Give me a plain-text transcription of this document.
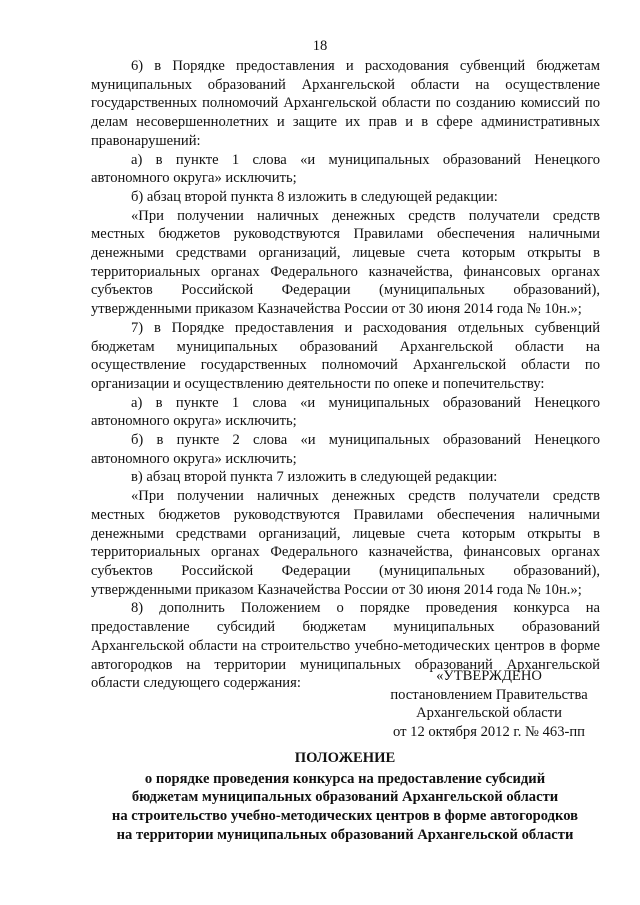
18

6) в Порядке предоставления и расходования субвенций бюджетам муниципальных образований Архангельской области на осуществление государственных полномочий Архангельской области по созданию комиссий по делам несовершеннолетних и защите их прав и в сфере административных правонарушений:

а) в пункте 1 слова «и муниципальных образований Ненецкого автономного округа» исключить;

б) абзац второй пункта 8 изложить в следующей редакции:

«При получении наличных денежных средств получатели средств местных бюджетов руководствуются Правилами обеспечения наличными денежными средствами организаций, лицевые счета которым открыты в территориальных органах Федерального казначейства, финансовых органах субъектов Российской Федерации (муниципальных образований), утвержденными приказом Казначейства России от 30 июня 2014 года № 10н.»;

7) в Порядке предоставления и расходования отдельных субвенций бюджетам муниципальных образований Архангельской области на осуществление государственных полномочий Архангельской области по организации и осуществлению деятельности по опеке и попечительству:

а) в пункте 1 слова «и муниципальных образований Ненецкого автономного округа» исключить;

б) в пункте 2 слова «и муниципальных образований Ненецкого автономного округа» исключить;

в) абзац второй пункта 7 изложить в следующей редакции:

«При получении наличных денежных средств получатели средств местных бюджетов руководствуются Правилами обеспечения наличными денежными средствами организаций, лицевые счета которым открыты в территориальных органах Федерального казначейства, финансовых органах субъектов Российской Федерации (муниципальных образований), утвержденными приказом Казначейства России от 30 июня 2014 года № 10н.»;

8) дополнить Положением о порядке проведения конкурса на предоставление субсидий бюджетам муниципальных образований Архангельской области на строительство учебно-методических центров в форме автогородков на территории муниципальных образований Архангельской области следующего содержания:	«УТВЕРЖДЕНО
постановлением Правительства
Архангельской области
от 12 октября 2012 г. № 463-пп
ПОЛОЖЕНИЕ
о порядке проведения конкурса на предоставление субсидий
бюджетам муниципальных образований Архангельской области
на строительство учебно-методических центров в форме автогородков
на территории муниципальных образований Архангельской области
